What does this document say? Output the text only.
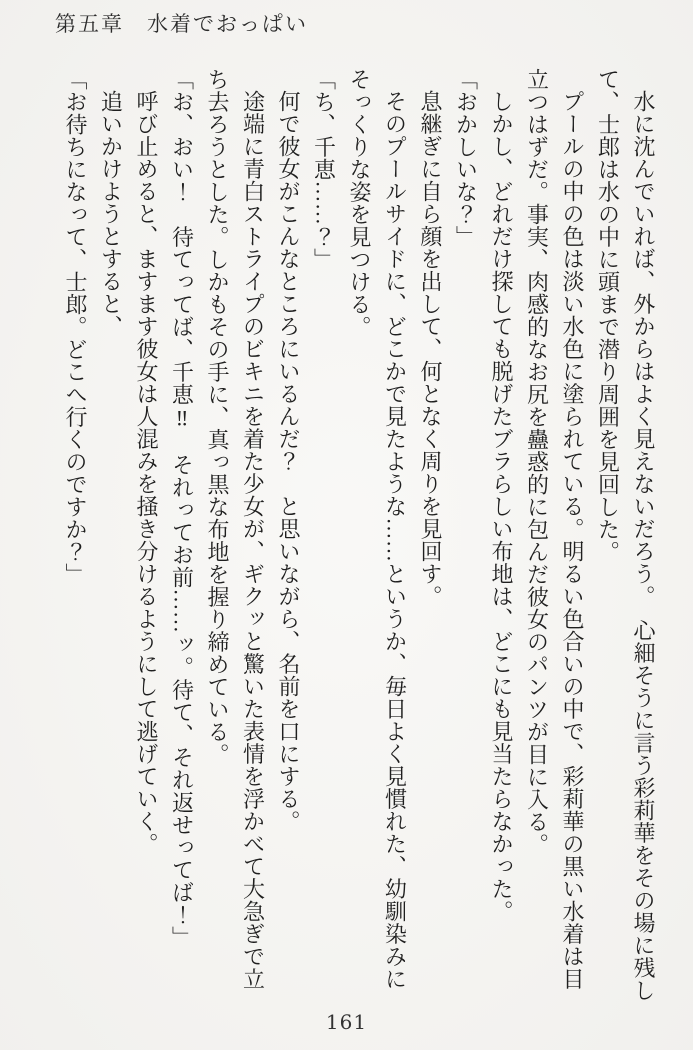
第五章　水着でおっぱい

水に沈んでいれば、外からはよく見えないだろう。　心細そうに言う彩莉華をその場に残して、士郎は水の中に頭まで潜り周囲を見回した。

プールの中の色は淡い水色に塗られている。明るい色合いの中で、彩莉華の黒い水着は目立つはずだ。事実、肉感的なお尻を蠱惑的に包んだ彼女のパンツが目に入る。

しかし、どれだけ探しても脱げたブラらしい布地は、どこにも見当たらなかった。

「おかしいな？」

息継ぎに自ら顔を出して、何となく周りを見回す。

そのプールサイドに、どこかで見たような……というか、毎日よく見慣れた、幼馴染みにそっくりな姿を見つける。

「ち、千恵……？」

何で彼女がこんなところにいるんだ？　と思いながら、名前を口にする。

途端に青白ストライプのビキニを着た少女が、ギクッと驚いた表情を浮かべて大急ぎで立ち去ろうとした。しかもその手に、真っ黒な布地を握り締めている。

「お、おい！　待てってば、千恵‼　それってお前……ッ。待て、それ返せってば！」

呼び止めると、ますます彼女は人混みを掻き分けるようにして逃げていく。

追いかけようとすると、

「お待ちになって、士郎。どこへ行くのですか？」

161
